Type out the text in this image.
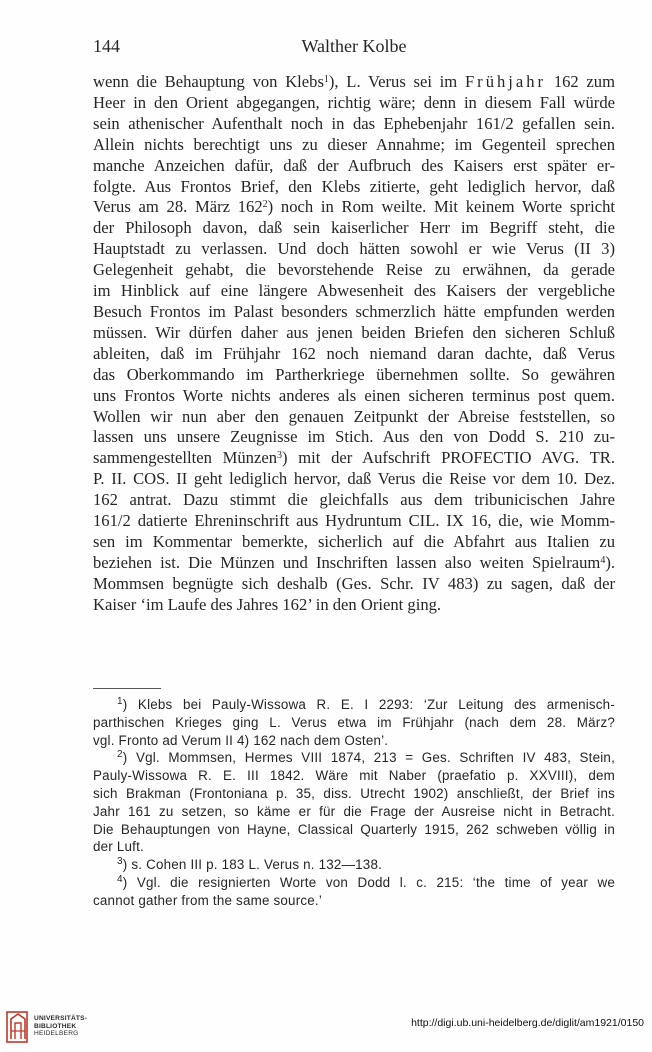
144	Walther Kolbe

wenn die Behauptung von Klebs$^1$), L. Verus sei im Frühjahr 162 zum

Heer in den Orient abgegangen, richtig wäre; denn in diesem Fall würde

sein athenischer Aufenthalt noch in das Ephebenjahr 161/2 gefallen sein.

Allein nichts berechtigt uns zu dieser Annahme; im Gegenteil sprechen

manche Anzeichen dafür, daß der Aufbruch des Kaisers erst später er-

folgte. Aus Frontos Brief, den Klebs zitierte, geht lediglich hervor, daß

Verus am 28. März $162^2$) noch in Rom weilte. Mit keinem Worte spricht

der Philosoph davon, daß sein kaiserlicher Herr im Begriff steht, die

Hauptstadt zu verlassen. Und doch hätten sowohl er wie Verus (II 3)

Gelegenheit gehabt, die bevorstehende Reise zu erwähnen, da gerade

im Hinblick auf eine längere Abwesenheit des Kaisers der vergebliche

Besuch Frontos im Palast besonders schmerzlich hätte empfunden werden

müssen. Wir dürfen daher aus jenen beiden Briefen den sicheren Schluß

ableiten, daß im Frühjahr 162 noch niemand daran dachte, daß Verus

das Oberkommando im Partherkriege übernehmen sollte. So gewähren

uns Frontos Worte nichts anderes als einen sicheren terminus post quem.

Wollen wir nun aber den genauen Zeitpunkt der Abreise feststellen, so

lassen uns unsere Zeugnisse im Stich. Aus den von Dodd S. 210 zu-

sammengestellten Münzen$^3$) mit der Aufschrift PROFECTIO AVG. TR.

P. II. COS. II geht lediglich hervor, daß Verus die Reise vor dem 10. Dez.

162 antrat. Dazu stimmt die gleichfalls aus dem tribunicischen Jahre

161/2 datierte Ehreninschrift aus Hydruntum CIL. IX 16, die, wie Momm-

sen im Kommentar bemerkte, sicherlich auf die Abfahrt aus Italien zu

beziehen ist. Die Münzen und Inschriften lassen also weiten Spielraum$^4$).

Mommsen begnügte sich deshalb (Ges. Schr. IV 483) zu sagen, daß der

Kaiser ‘im Laufe des Jahres 162’ in den Orient ging.

$^1$) Klebs bei Pauly-Wissowa R. E. I 2293: ‘Zur Leitung des armenisch-

parthischen Krieges ging L. Verus etwa im Frühjahr (nach dem 28. März?

vgl. Fronto ad Verum II 4) 162 nach dem Osten’.

$^2$) Vgl. Mommsen, Hermes VIII 1874, 213 = Ges. Schriften IV 483, Stein,

Pauly-Wissowa R. E. III 1842. Wäre mit Naber (praefatio p. XXVIII), dem

sich Brakman (Frontoniana p. 35, diss. Utrecht 1902) anschließt, der Brief ins

Jahr 161 zu setzen, so käme er für die Frage der Ausreise nicht in Betracht.

Die Behauptungen von Hayne, Classical Quarterly 1915, 262 schweben völlig in

der Luft.

$^3$) s. Cohen III p. 183 L. Verus n. 132—138.

$^4$) Vgl. die resignierten Worte von Dodd l. c. 215: ‘the time of year we

cannot gather from the same source.’

UNIVERSITÄTS-
BIBLIOTHEK
HEIDELBERG
http://digi.ub.uni-heidelberg.de/diglit/am1921/0150
